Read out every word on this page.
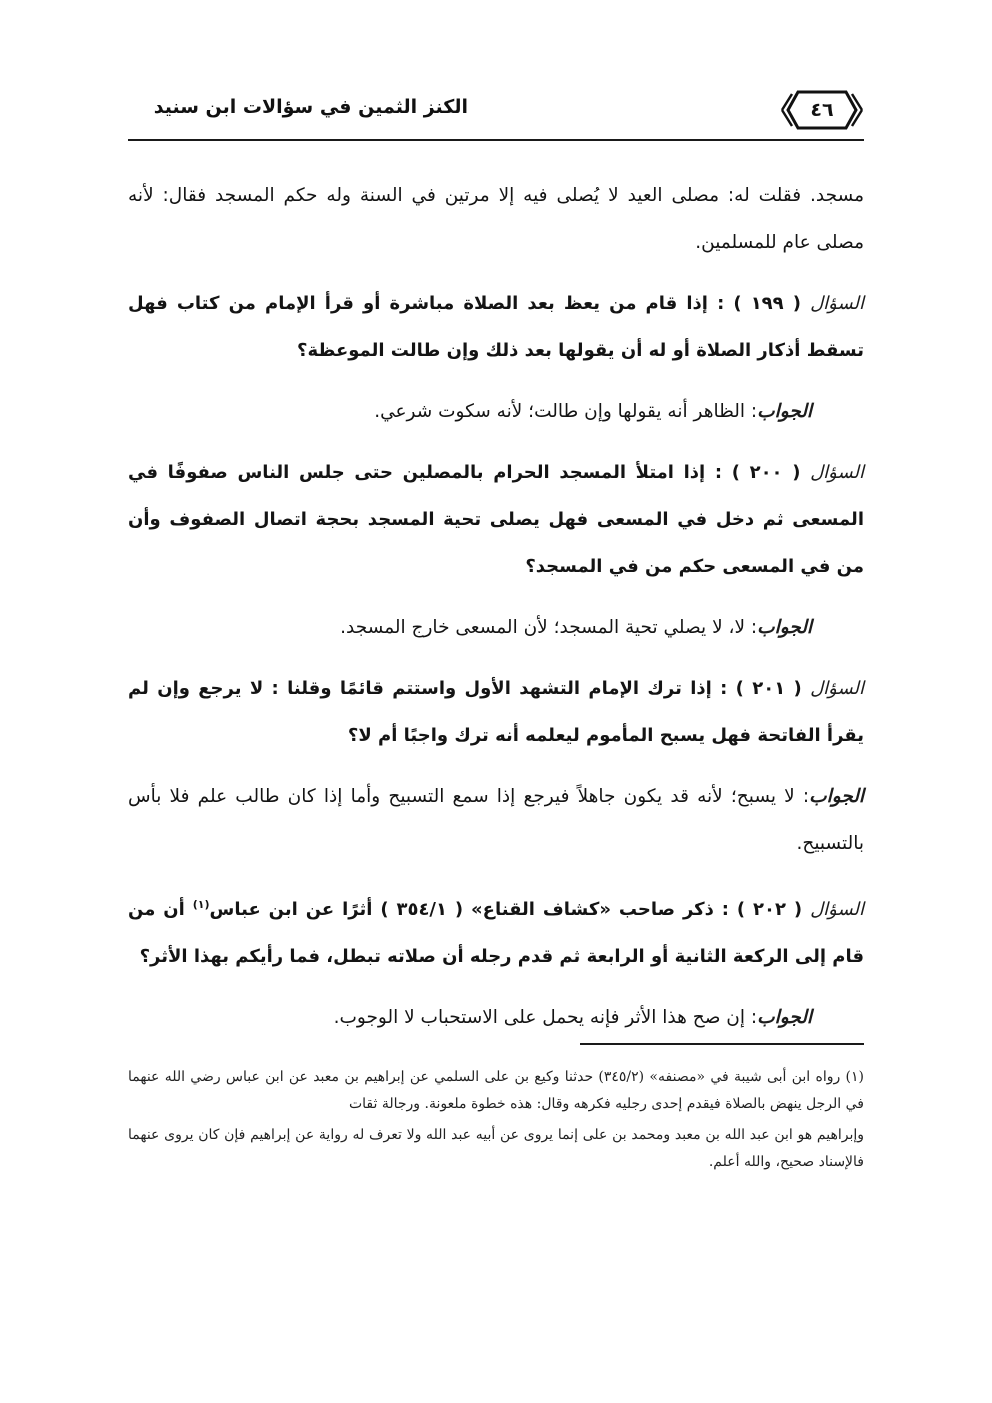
٤٦
الكنز الثمين في سؤالات ابن سنيد

مسجد. فقلت له: مصلى العيد لا يُصلى فيه إلا مرتين في السنة وله حكم المسجد فقال: لأنه مصلى عام للمسلمين.

السؤال ( ١٩٩ ) : إذا قام من يعظ بعد الصلاة مباشرة أو قرأ الإمام من كتاب فهل تسقط أذكار الصلاة أو له أن يقولها بعد ذلك وإن طالت الموعظة؟

الجواب: الظاهر أنه يقولها وإن طالت؛ لأنه سكوت شرعي.

السؤال ( ٢٠٠ ) : إذا امتلأ المسجد الحرام بالمصلين حتى جلس الناس صفوفًا في المسعى ثم دخل في المسعى فهل يصلى تحية المسجد بحجة اتصال الصفوف وأن من في المسعى حكم من في المسجد؟

الجواب: لا، لا يصلي تحية المسجد؛ لأن المسعى خارج المسجد.

السؤال ( ٢٠١ ) : إذا ترك الإمام التشهد الأول واستتم قائمًا وقلنا : لا يرجع وإن لم يقرأ الفاتحة فهل يسبح المأموم ليعلمه أنه ترك واجبًا أم لا؟

الجواب: لا يسبح؛ لأنه قد يكون جاهلاً فيرجع إذا سمع التسبيح وأما إذا كان طالب علم فلا بأس بالتسبيح.

السؤال ( ٢٠٢ ) : ذكر صاحب «كشاف القناع» ( ٣٥٤/١ ) أثرًا عن ابن عباس$^{(١)}$ أن من قام إلى الركعة الثانية أو الرابعة ثم قدم رجله أن صلاته تبطل، فما رأيكم بهذا الأثر؟

الجواب: إن صح هذا الأثر فإنه يحمل على الاستحباب لا الوجوب.

(١) رواه ابن أبى شيبة في «مصنفه» (٣٤٥/٢) حدثنا وكيع بن على السلمي عن إبراهيم بن معبد عن ابن عباس رضي الله عنهما في الرجل ينهض بالصلاة فيقدم إحدى رجليه فكرهه وقال: هذه خطوة ملعونة. ورجالة ثقات

وإبراهيم هو ابن عبد الله بن معبد ومحمد بن على إنما يروى عن أبيه عبد الله ولا تعرف له رواية عن إبراهيم فإن كان يروى عنهما فالإسناد صحيح، والله أعلم.
